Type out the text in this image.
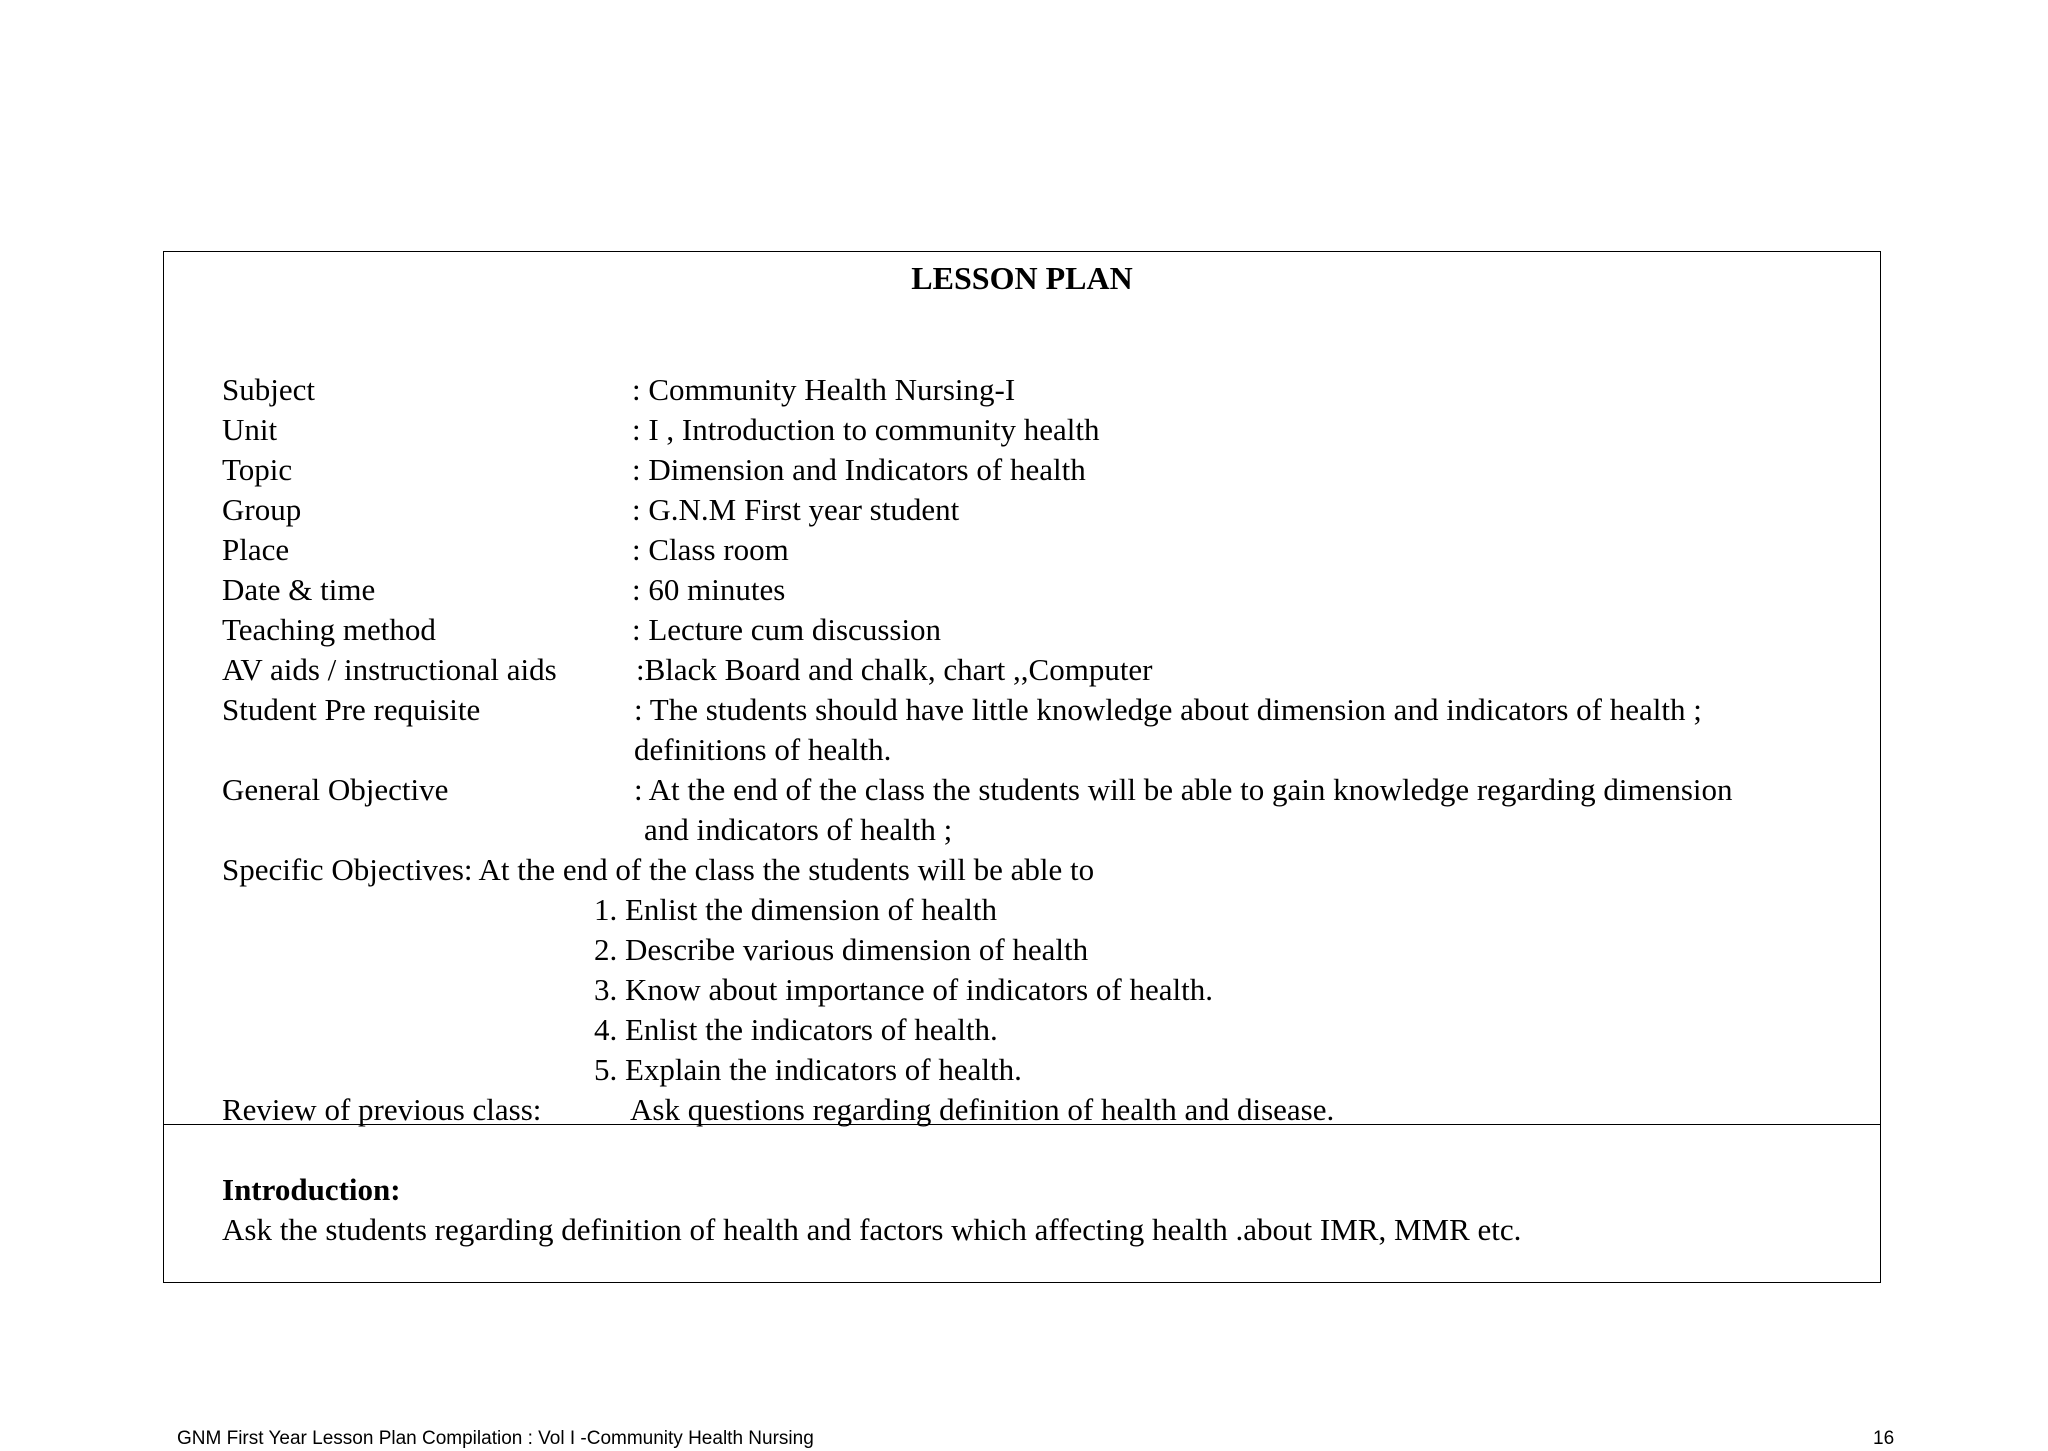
LESSON PLAN
Subject	: Community Health Nursing-I
Unit	: I , Introduction to community health
Topic	: Dimension and Indicators of health
Group	: G.N.M First year student
Place	: Class room
Date & time	: 60 minutes
Teaching method	: Lecture cum discussion
AV aids / instructional aids	:Black Board and chalk, chart ,,Computer
Student Pre requisite	: The students should have little knowledge about dimension and indicators of health ;
definitions of health.
General Objective	: At the end of the class the students will be able to gain knowledge regarding dimension
and indicators of health ;
Specific Objectives: At the end of the class the students will be able to
1. Enlist the dimension of health
2. Describe various dimension of health
3. Know about importance of indicators of health.
4. Enlist the indicators of health.
5. Explain the indicators of health.
Review of previous class:	Ask questions regarding definition of health and disease.
Introduction:
Ask the students regarding definition of health and factors which affecting health .about IMR, MMR etc.
GNM First Year Lesson Plan Compilation : Vol I -Community Health Nursing	16
